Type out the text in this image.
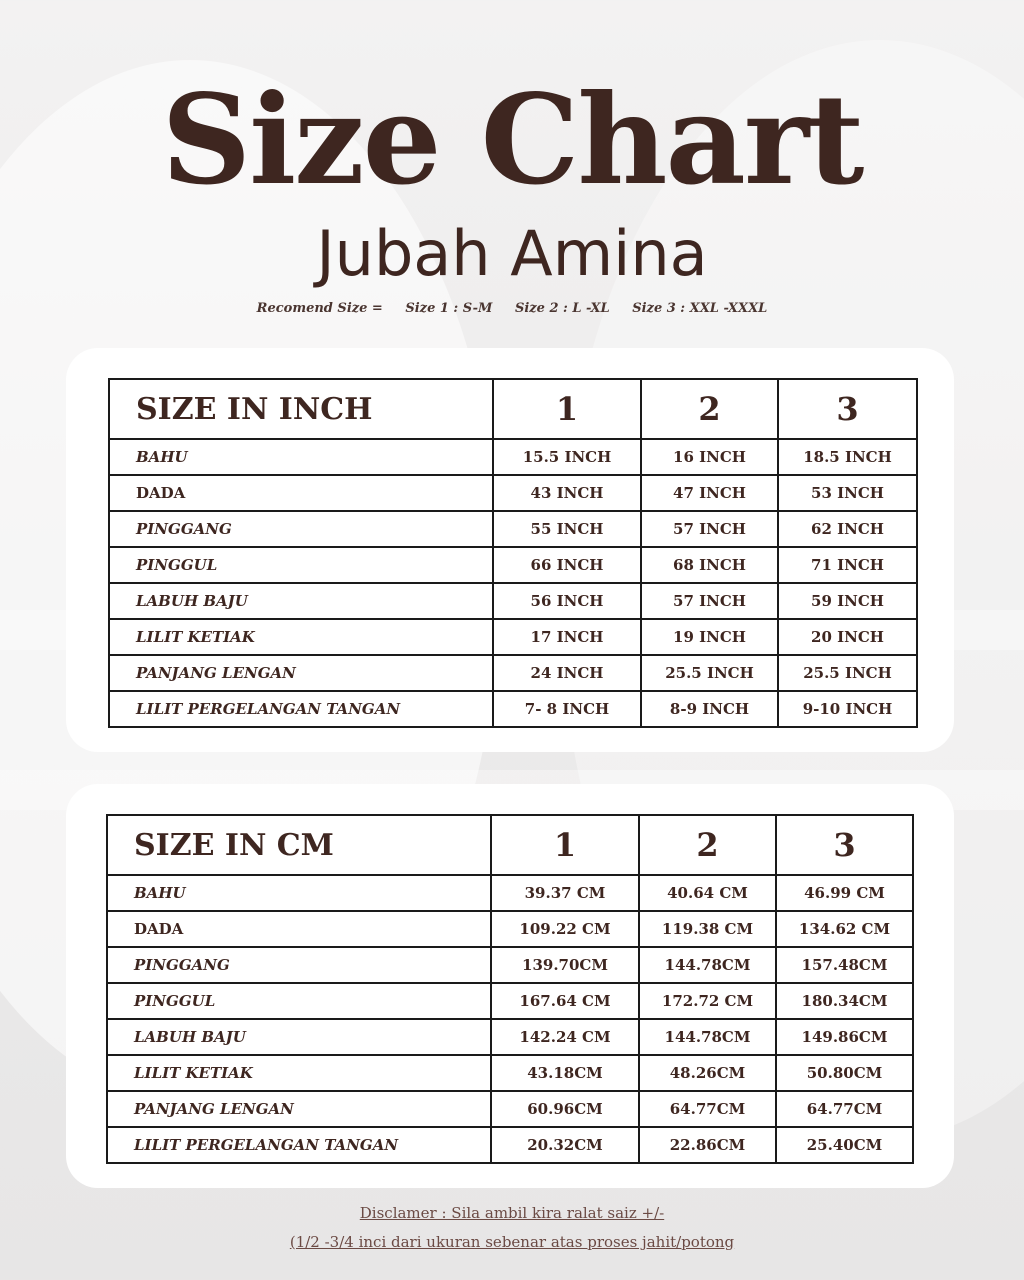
Size Chart
Jubah Amina
Recomend Size = Size 1 : S-M Size 2 : L -XL Size 3 : XXL -XXXL
SIZE IN INCH	1	2	3
BAHU	15.5 INCH	16 INCH	18.5 INCH
DADA	43 INCH	47 INCH	53 INCH
PINGGANG	55 INCH	57 INCH	62 INCH
PINGGUL	66 INCH	68 INCH	71 INCH
LABUH BAJU	56 INCH	57 INCH	59 INCH
LILIT KETIAK	17 INCH	19 INCH	20 INCH
PANJANG LENGAN	24 INCH	25.5 INCH	25.5 INCH
LILIT PERGELANGAN TANGAN	7- 8 INCH	8-9 INCH	9-10 INCH
SIZE IN CM	1	2	3
BAHU	39.37 CM	40.64 CM	46.99 CM
DADA	109.22 CM	119.38 CM	134.62 CM
PINGGANG	139.70CM	144.78CM	157.48CM
PINGGUL	167.64 CM	172.72 CM	180.34CM
LABUH BAJU	142.24 CM	144.78CM	149.86CM
LILIT KETIAK	43.18CM	48.26CM	50.80CM
PANJANG LENGAN	60.96CM	64.77CM	64.77CM
LILIT PERGELANGAN TANGAN	20.32CM	22.86CM	25.40CM
Disclamer : Sila ambil kira ralat saiz +/-
(1/2 -3/4 inci dari ukuran sebenar atas proses jahit/potong
